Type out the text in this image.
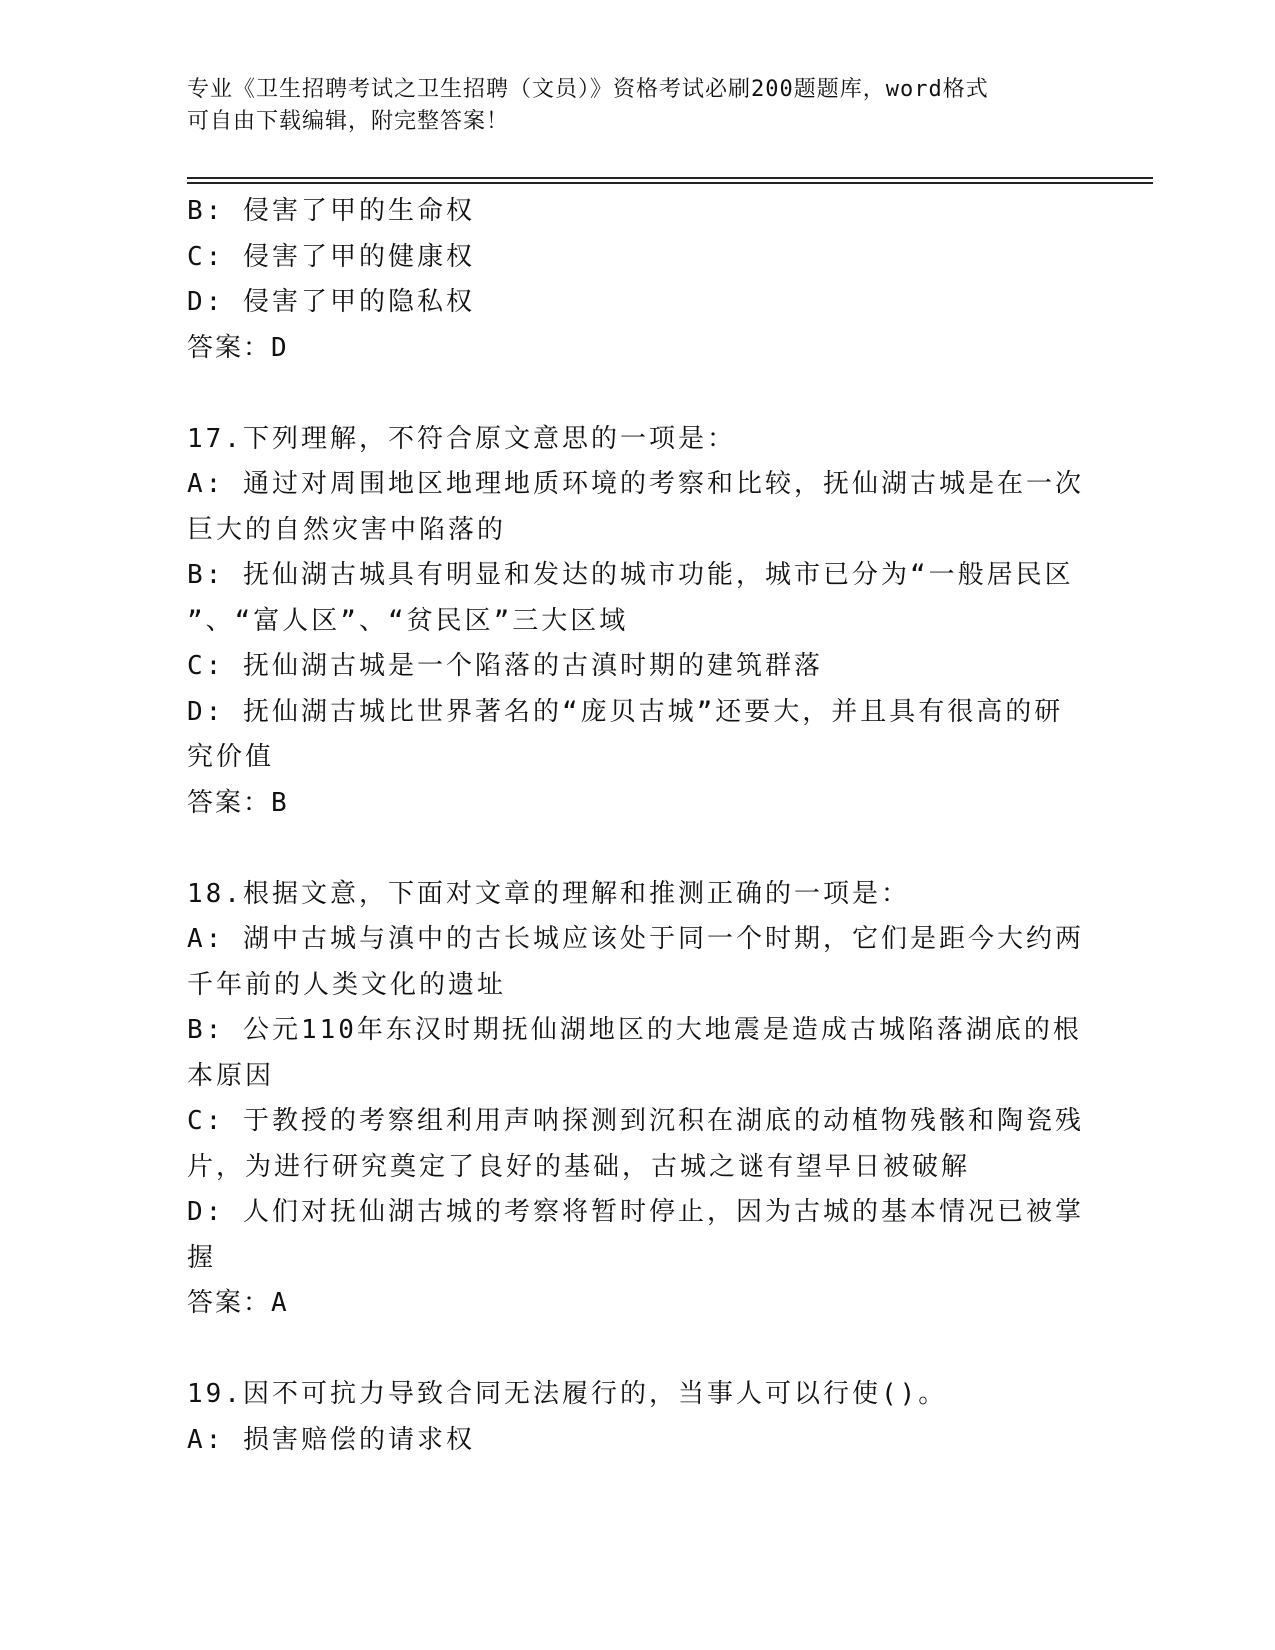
专业《卫生招聘考试之卫生招聘（文员）》资格考试必刷200题题库，word格式
可自由下载编辑，附完整答案！
B: 侵害了甲的生命权
C: 侵害了甲的健康权
D: 侵害了甲的隐私权
答案：D
17.下列理解，不符合原文意思的一项是：
A: 通过对周围地区地理地质环境的考察和比较，抚仙湖古城是在一次
巨大的自然灾害中陷落的
B: 抚仙湖古城具有明显和发达的城市功能，城市已分为“一般居民区
”、“富人区”、“贫民区”三大区域
C: 抚仙湖古城是一个陷落的古滇时期的建筑群落
D: 抚仙湖古城比世界著名的“庞贝古城”还要大，并且具有很高的研
究价值
答案：B
18.根据文意，下面对文章的理解和推测正确的一项是：
A: 湖中古城与滇中的古长城应该处于同一个时期，它们是距今大约两
千年前的人类文化的遗址
B: 公元110年东汉时期抚仙湖地区的大地震是造成古城陷落湖底的根
本原因
C: 于教授的考察组利用声呐探测到沉积在湖底的动植物残骸和陶瓷残
片，为进行研究奠定了良好的基础，古城之谜有望早日被破解
D: 人们对抚仙湖古城的考察将暂时停止，因为古城的基本情况已被掌
握
答案：A
19.因不可抗力导致合同无法履行的，当事人可以行使()。
A: 损害赔偿的请求权
